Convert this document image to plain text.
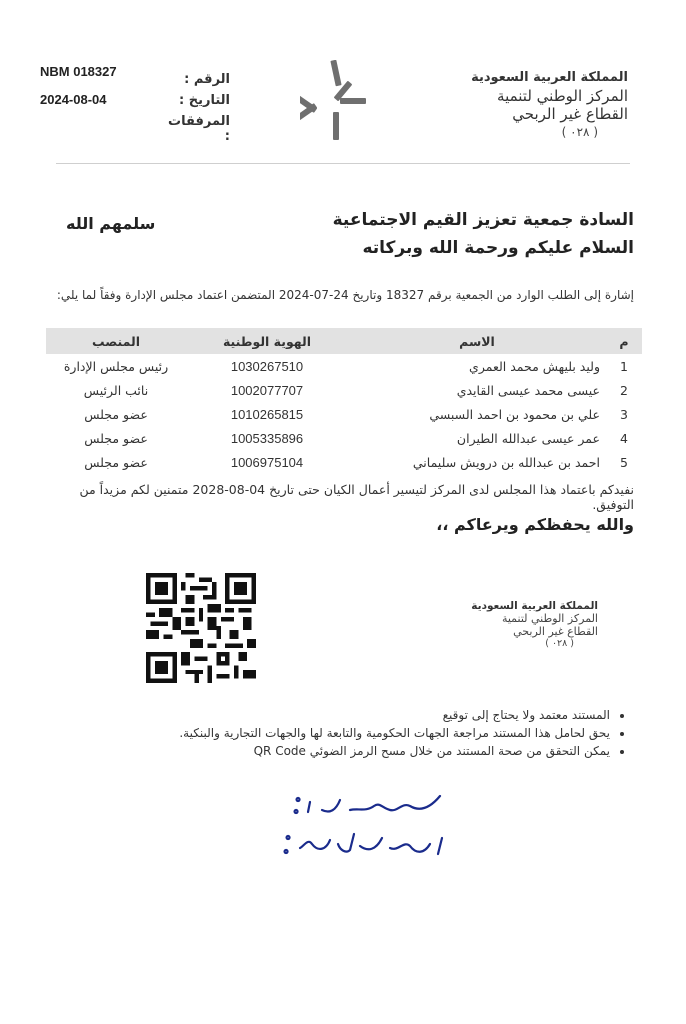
NBM 018327
2024-08-04
الرقم :
التاريخ :
المرفقات :
المملكة العربية السعودية
المركز الوطني لتنمية
القطاع غير الربحي
( ٠٢٨ )
السادة جمعية تعزيز القيم الاجتماعية
السلام عليكم ورحمة الله وبركاته
سلمهم الله
إشارة إلى الطلب الوارد من الجمعية برقم 18327 وتاريخ 24-07-2024 المتضمن اعتماد مجلس الإدارة وفقاً لما يلي:
م	الاسم	الهوية الوطنية	المنصب
1	وليد بليهش محمد العمري	1030267510	رئيس مجلس الإدارة
2	عيسى محمد عيسى القايدي	1002077707	نائب الرئيس
3	علي بن محمود بن احمد السبسي	1010265815	عضو مجلس
4	عمر عيسى عبدالله الطيران	1005335896	عضو مجلس
5	احمد بن عبدالله بن درويش سليماني	1006975104	عضو مجلس
نفيدكم باعتماد هذا المجلس لدى المركز لتيسير أعمال الكيان حتى تاريخ 04-08-2028 متمنين لكم مزيداً من التوفيق.
والله يحفظكم ويرعاكم ،،
المملكة العربية السعودية
المركز الوطني لتنمية
القطاع غير الربحي
( ٠٢٨ )
• المستند معتمد ولا يحتاج إلى توقيع
• يحق لحامل هذا المستند مراجعة الجهات الحكومية والتابعة لها والجهات التجارية والبنكية.
• يمكن التحقق من صحة المستند من خلال مسح الرمز الضوئي QR Code
